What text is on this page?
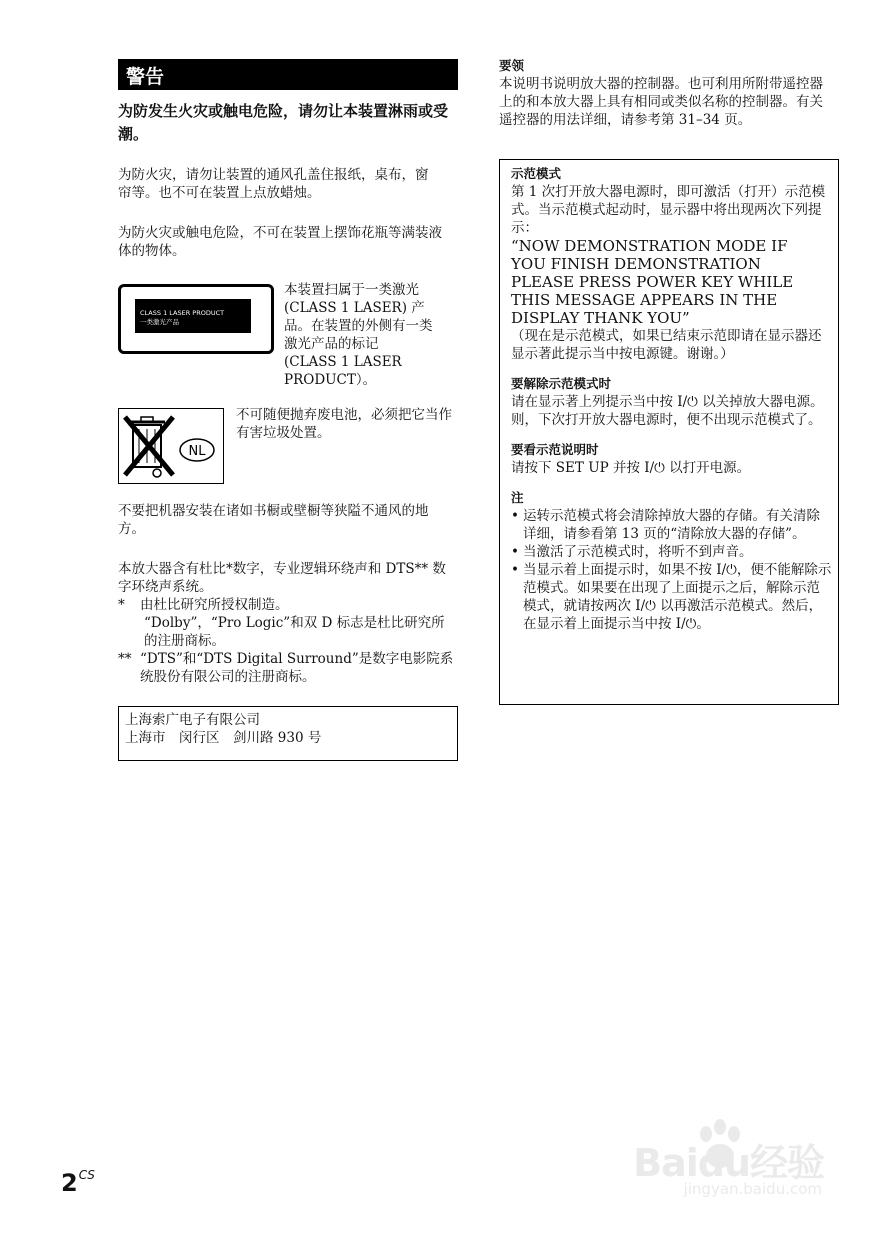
警告
为防发生火灾或触电危险，请勿让本装置淋雨或受潮。
为防火灾，请勿让装置的通风孔盖住报纸，桌布，窗帘等。也不可在装置上点放蜡烛。
为防火灾或触电危险，不可在装置上摆饰花瓶等满装液体的物体。
CLASS 1 LASER PRODUCT
一类激光产品
本装置扫属于一类激光
(CLASS 1 LASER) 产
品。在装置的外侧有一类
激光产品的标记
(CLASS 1 LASER
PRODUCT）。
NL
不可随便抛弃废电池，必须把它当作有害垃圾处置。
不要把机器安装在诸如书橱或壁橱等狭隘不通风的地方。
本放大器含有杜比*数字，专业逻辑环绕声和 DTS** 数字环绕声系统。
* 由杜比研究所授权制造。
“Dolby”，“Pro Logic”和双 D 标志是杜比研究所的注册商标。
** “DTS”和“DTS Digital Surround”是数字电影院系统股份有限公司的注册商标。
上海索广电子有限公司
上海市　闵行区　剑川路 930 号
要领
本说明书说明放大器的控制器。也可利用所附带遥控器上的和本放大器上具有相同或类似名称的控制器。有关遥控器的用法详细，请参考第 31–34 页。
示范模式
第 1 次打开放大器电源时，即可激活（打开）示范模式。当示范模式起动时，显示器中将出现两次下列提示：
“NOW DEMONSTRATION MODE IF
YOU FINISH DEMONSTRATION
PLEASE PRESS POWER KEY WHILE
THIS MESSAGE APPEARS IN THE
DISPLAY THANK YOU”
（现在是示范模式，如果已结束示范即请在显示器还显示著此提示当中按电源键。谢谢。）
要解除示范模式时
请在显示著上列提示当中按 I/⏻ 以关掉放大器电源。则，下次打开放大器电源时，便不出现示范模式了。
要看示范说明时
请按下 SET UP 并按 I/⏻ 以打开电源。
注
• 运转示范模式将会清除掉放大器的存储。有关清除详细，请参看第 13 页的“清除放大器的存储”。
• 当激活了示范模式时，将听不到声音。
• 当显示着上面提示时，如果不按 I/⏻，便不能解除示范模式。如果要在出现了上面提示之后，解除示范模式，就请按两次 I/⏻ 以再激活示范模式。然后，在显示着上面提示当中按 I/⏻。
$2^{CS}$	Baidu经验
jingyan.baidu.com
